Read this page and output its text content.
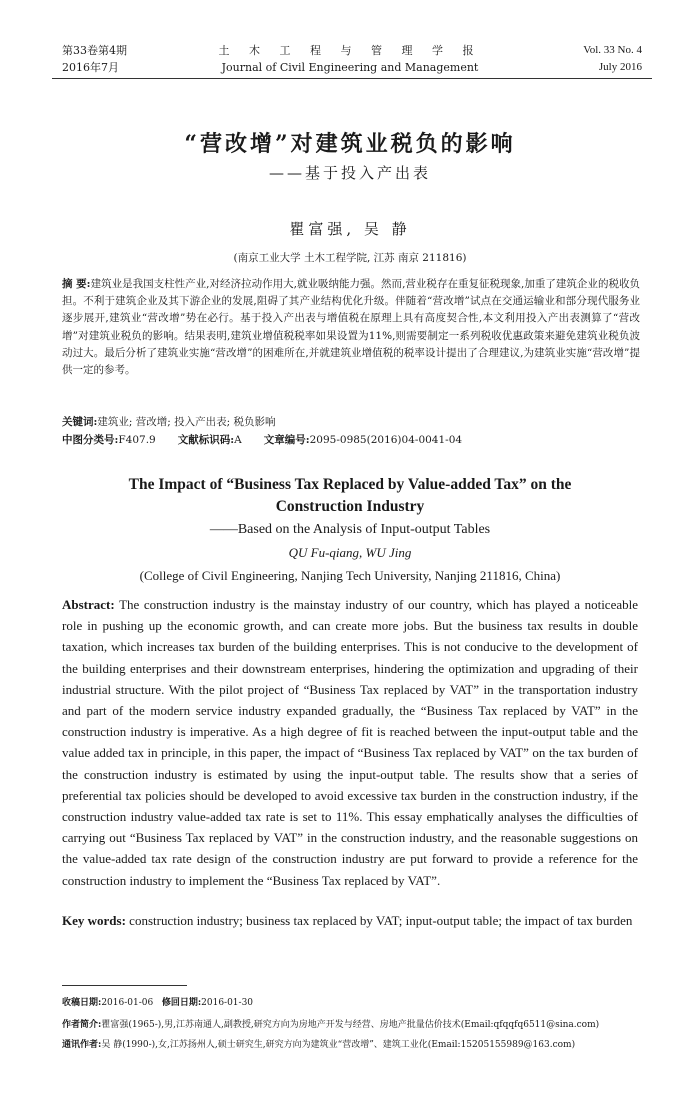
第33卷第4期
2016年7月
土 木 工 程 与 管 理 学 报
Journal of Civil Engineering and Management
Vol. 33 No. 4
July 2016
“营改增”对建筑业税负的影响
——基于投入产出表
瞿富强, 吴 静
(南京工业大学 土木工程学院, 江苏 南京 211816)
摘 要:建筑业是我国支柱性产业,对经济拉动作用大,就业吸纳能力强。然而,营业税存在重复征税现象,加重了建筑企业的税收负担。不利于建筑企业及其下游企业的发展,阻碍了其产业结构优化升级。伴随着“营改增”试点在交通运输业和部分现代服务业逐步展开,建筑业“营改增”势在必行。基于投入产出表与增值税在原理上具有高度契合性,本文利用投入产出表测算了“营改增”对建筑业税负的影响。结果表明,建筑业增值税税率如果设置为11%,则需要制定一系列税收优惠政策来避免建筑业税负波动过大。最后分析了建筑业实施“营改增”的困难所在,并就建筑业增值税的税率设计提出了合理建议,为建筑业实施“营改增”提供一定的参考。
关键词:建筑业; 营改增; 投入产出表; 税负影响
中图分类号:F407.9 文献标识码:A 文章编号:2095-0985(2016)04-0041-04
The Impact of “Business Tax Replaced by Value-added Tax” on the Construction Industry
——Based on the Analysis of Input-output Tables
QU Fu-qiang, WU Jing
(College of Civil Engineering, Nanjing Tech University, Nanjing 211816, China)
Abstract: The construction industry is the mainstay industry of our country, which has played a noticeable role in pushing up the economic growth, and can create more jobs. But the business tax results in double taxation, which increases tax burden of the building enterprises. This is not conducive to the development of the building enterprises and their downstream enterprises, hindering the optimization and upgrading of their industrial structure. With the pilot project of “Business Tax replaced by VAT” in the transportation industry and part of the modern service industry expanded gradually, the “Business Tax replaced by VAT” in the construction industry is imperative. As a high degree of fit is reached between the input-output table and the value added tax in principle, in this paper, the impact of “Business Tax replaced by VAT” on the tax burden of the construction industry is estimated by using the input-output table. The results show that a series of preferential tax policies should be developed to avoid excessive tax burden in the construction industry, if the construction industry value-added tax rate is set to 11%. This essay emphatically analyses the difficulties of carrying out “Business Tax replaced by VAT” in the construction industry, and the reasonable suggestions on the value-added tax rate design of the construction industry are put forward to provide a reference for the construction industry to implement the “Business Tax replaced by VAT”.
Key words: construction industry; business tax replaced by VAT; input-output table; the impact of tax burden
收稿日期:2016-01-06 修回日期:2016-01-30
作者简介:瞿富强(1965-),男,江苏南通人,副教授,研究方向为房地产开发与经营、房地产批量估价技术(Email:qfqqfq6511@sina.com)
通讯作者:吴 静(1990-),女,江苏扬州人,硕士研究生,研究方向为建筑业“营改增”、建筑工业化(Email:15205155989@163.com)
